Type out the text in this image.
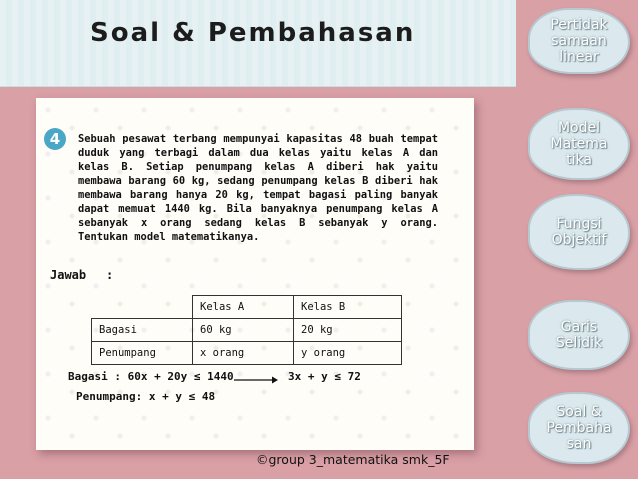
Soal & Pembahasan	Pertidak
samaan
linear
Model
Matema
tika
Fungsi
Objektif
Garis
Selidik
Soal &
Pembaha
san
4	Sebuah pesawat terbang mempunyai kapasitas 48 buah tempat duduk yang terbagi dalam dua kelas yaitu kelas A dan kelas B. Setiap penumpang kelas A diberi hak yaitu membawa barang 60 kg, sedang penumpang kelas B diberi hak membawa barang hanya 20 kg, tempat bagasi paling banyak dapat memuat 1440 kg. Bila banyaknya penumpang kelas A sebanyak x orang sedang kelas B sebanyak y orang. Tentukan model matematikanya.
Jawab :
	Kelas A	Kelas B
Bagasi	60 kg	20 kg
Penumpang	x orang	y orang
Bagasi : 60x + 20y ≤ 1440	3x + y ≤ 72
Penumpang: x + y ≤ 48
©group 3_matematika smk_5F
